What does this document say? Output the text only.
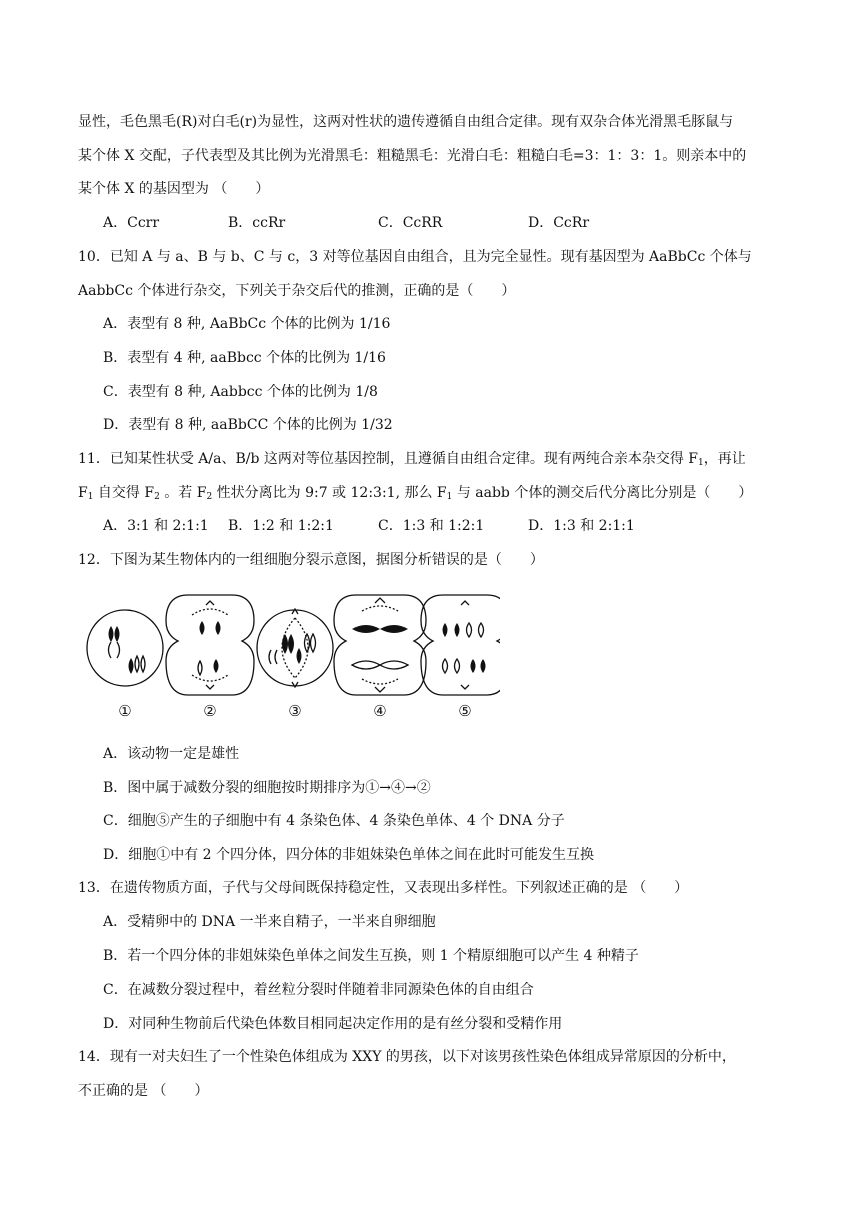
显性，毛色黑毛(R)对白毛(r)为显性，这两对性状的遗传遵循自由组合定律。现有双杂合体光滑黑毛豚鼠与
某个体 X 交配，子代表型及其比例为光滑黑毛：粗糙黑毛：光滑白毛：粗糙白毛=3：1：3：1。则亲本中的
某个体 X 的基因型为 （　　）
A．Ccrr	B．ccRr	C．CcRR	D．CcRr
10．已知 A 与 a、B 与 b、C 与 c，3 对等位基因自由组合，且为完全显性。现有基因型为 AaBbCc 个体与
AabbCc 个体进行杂交，下列关于杂交后代的推测，正确的是（　　）
A．表型有 8 种, AaBbCc 个体的比例为 1/16
B．表型有 4 种, aaBbcc 个体的比例为 1/16
C．表型有 8 种, Aabbcc 个体的比例为 1/8
D．表型有 8 种, aaBbCC 个体的比例为 1/32
11．已知某性状受 A/a、B/b 这两对等位基因控制，且遵循自由组合定律。现有两纯合亲本杂交得 $F_1$，再让
$F_1$ 自交得 $F_2$ 。若 $F_2$ 性状分离比为 9:7 或 12:3:1, 那么 $F_1$ 与 aabb 个体的测交后代分离比分别是（　　）
A．3:1 和 2:1:1 B．1:2 和 1:2:1	C．1:3 和 1:2:1	D．1:3 和 2:1:1
12．下图为某生物体内的一组细胞分裂示意图，据图分析错误的是（　　）
①	②	③	④	⑤
A．该动物一定是雄性
B．图中属于减数分裂的细胞按时期排序为①→④→②
C．细胞⑤产生的子细胞中有 4 条染色体、4 条染色单体、4 个 DNA 分子
D．细胞①中有 2 个四分体，四分体的非姐妹染色单体之间在此时可能发生互换
13．在遗传物质方面，子代与父母间既保持稳定性，又表现出多样性。下列叙述正确的是 （　　）
A．受精卵中的 DNA 一半来自精子，一半来自卵细胞
B．若一个四分体的非姐妹染色单体之间发生互换，则 1 个精原细胞可以产生 4 种精子
C．在减数分裂过程中，着丝粒分裂时伴随着非同源染色体的自由组合
D．对同种生物前后代染色体数目相同起决定作用的是有丝分裂和受精作用
14．现有一对夫妇生了一个性染色体组成为 XXY 的男孩，以下对该男孩性染色体组成异常原因的分析中，
不正确的是 （　　）
